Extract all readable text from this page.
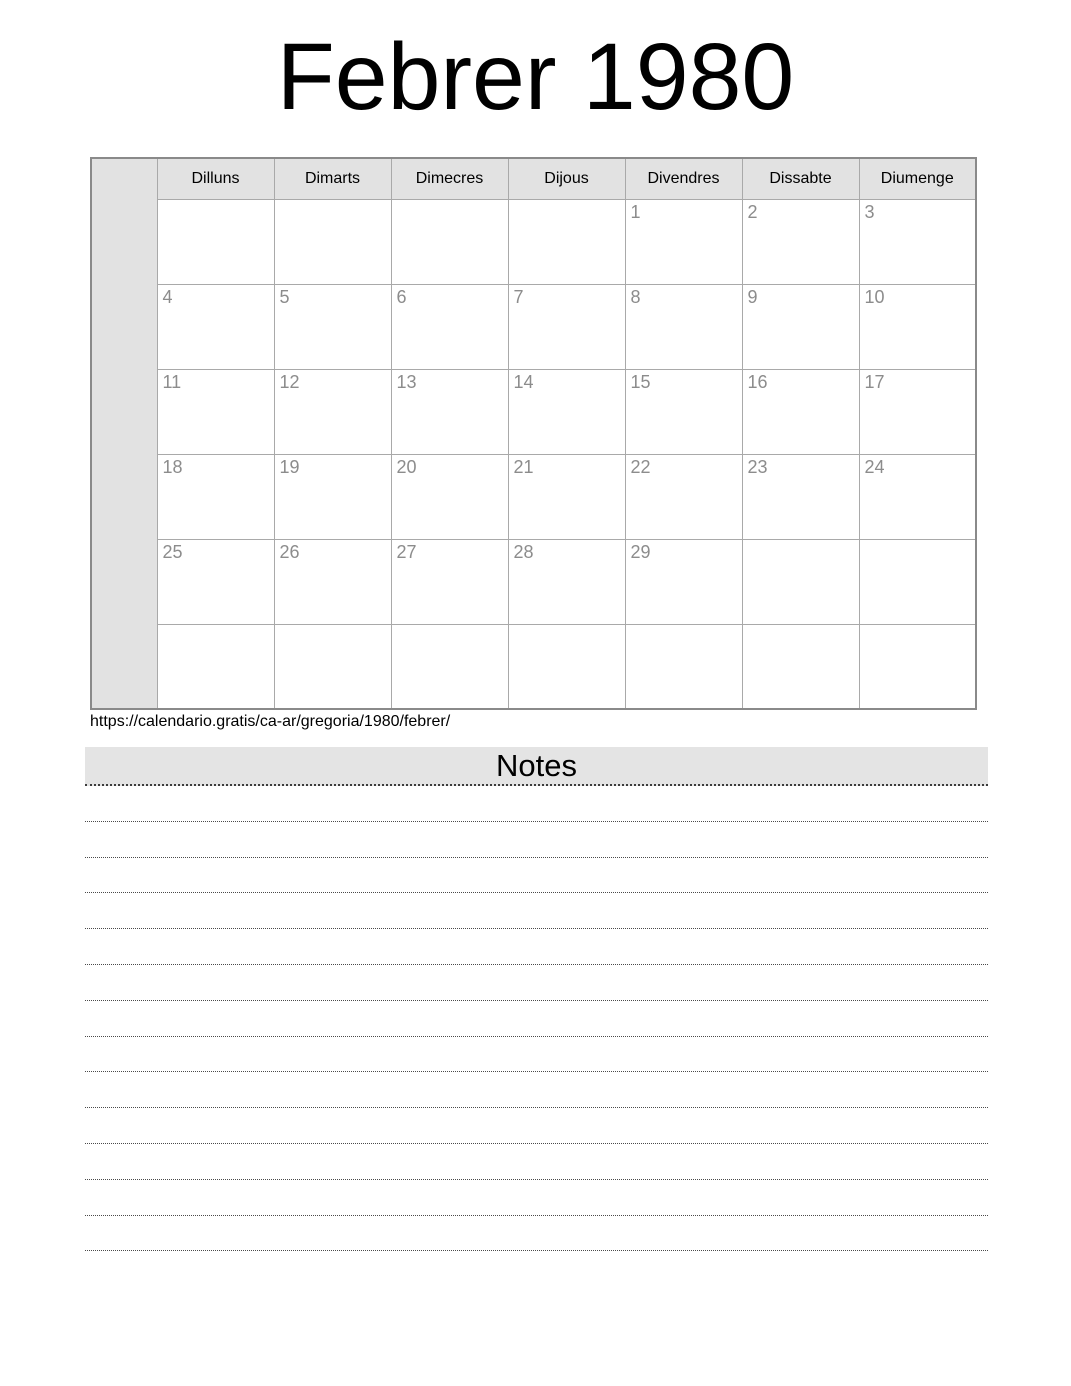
Febrer 1980
	Dilluns	Dimarts	Dimecres	Dijous	Divendres	Dissabte	Diumenge
					1	2	3
	4	5	6	7	8	9	10
	11	12	13	14	15	16	17
	18	19	20	21	22	23	24
	25	26	27	28	29		

https://calendario.gratis/ca-ar/gregoria/1980/febrer/
Notes
